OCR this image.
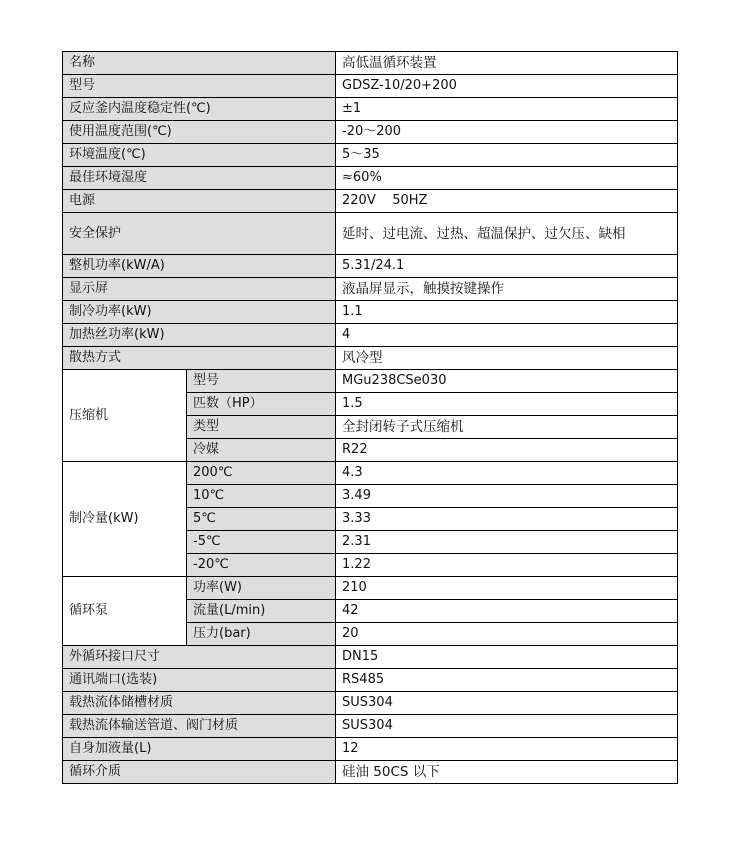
名称		高低温循环装置
型号		GDSZ-10/20+200
反应釜内温度稳定性(℃)		±1
使用温度范围(℃)		-20～200
环境温度(℃)		5～35
最佳环境湿度		≈60%
电源		220V    50HZ
安全保护		延时、过电流、过热、超温保护、过欠压、缺相
整机功率(kW/A)		5.31/24.1
显示屏		液晶屏显示，触摸按键操作
制冷功率(kW)		1.1
加热丝功率(kW)		4
散热方式		风冷型
压缩机	型号	MGu238CSe030
	匹数（HP）	1.5
	类型	全封闭转子式压缩机
	冷媒	R22
制冷量(kW)	200℃	4.3
	10℃	3.49
	5℃	3.33
	-5℃	2.31
	-20℃	1.22
循环泵	功率(W)	210
	流量(L/min)	42
	压力(bar)	20
外循环接口尺寸		DN15
通讯端口(选装)		RS485
载热流体储槽材质		SUS304
载热流体输送管道、阀门材质		SUS304
自身加液量(L)		12
循环介质		硅油 50CS 以下
